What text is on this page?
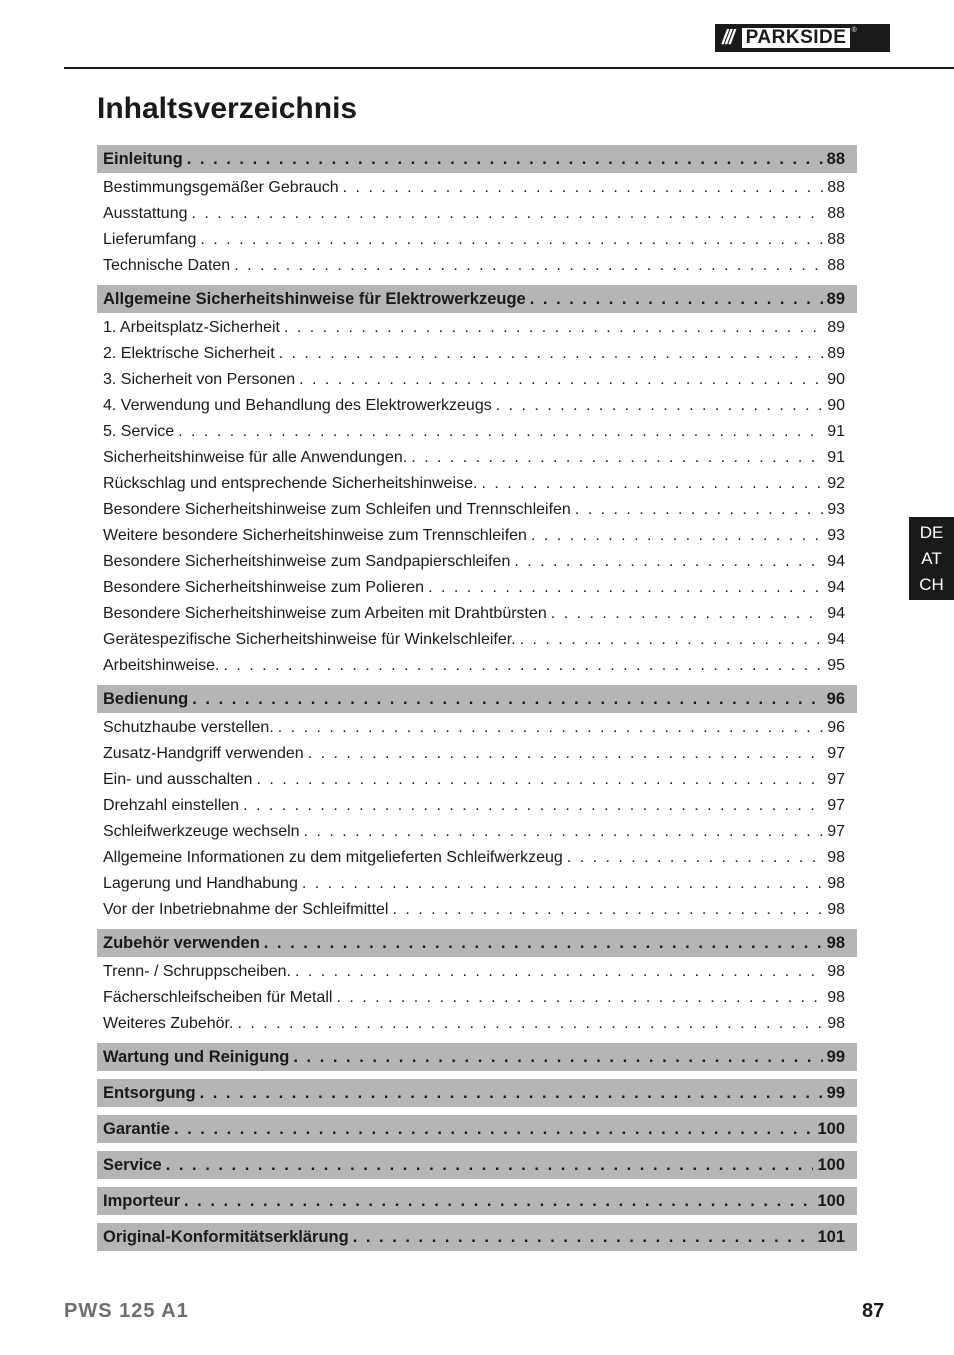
/// PARKSIDE ®
Inhaltsverzeichnis
Einleitung . . .	88
Bestimmungsgemäßer Gebrauch . . .	88
Ausstattung . . .	88
Lieferumfang . . .	88
Technische Daten . . .	88
Allgemeine Sicherheitshinweise für Elektrowerkzeuge . . .	89
1. Arbeitsplatz-Sicherheit . . .	89
2. Elektrische Sicherheit . . .	89
3. Sicherheit von Personen . . .	90
4. Verwendung und Behandlung des Elektrowerkzeugs . . .	90
5. Service . . .	91
Sicherheitshinweise für alle Anwendungen. . . .	91
Rückschlag und entsprechende Sicherheitshinweise. . . .	92
Besondere Sicherheitshinweise zum Schleifen und Trennschleifen . . .	93
Weitere besondere Sicherheitshinweise zum Trennschleifen . . .	93
Besondere Sicherheitshinweise zum Sandpapierschleifen . . .	94
Besondere Sicherheitshinweise zum Polieren . . .	94
Besondere Sicherheitshinweise zum Arbeiten mit Drahtbürsten . . .	94
Gerätespezifische Sicherheitshinweise für Winkelschleifer. . . .	94
Arbeitshinweise. . . .	95
Bedienung . . .	96
Schutzhaube verstellen. . . .	96
Zusatz-Handgriff verwenden . . .	97
Ein- und ausschalten . . .	97
Drehzahl einstellen . . .	97
Schleifwerkzeuge wechseln . . .	97
Allgemeine Informationen zu dem mitgelieferten Schleifwerkzeug . . .	98
Lagerung und Handhabung . . .	98
Vor der Inbetriebnahme der Schleifmittel . . .	98
Zubehör verwenden . . .	98
Trenn- / Schruppscheiben. . . .	98
Fächerschleifscheiben für Metall . . .	98
Weiteres Zubehör. . . .	98
Wartung und Reinigung . . .	99
Entsorgung . . .	99
Garantie . . .	100
Service . . .	100
Importeur . . .	100
Original-Konformitätserklärung . . .	101
DE
AT
CH
PWS 125 A1	87
